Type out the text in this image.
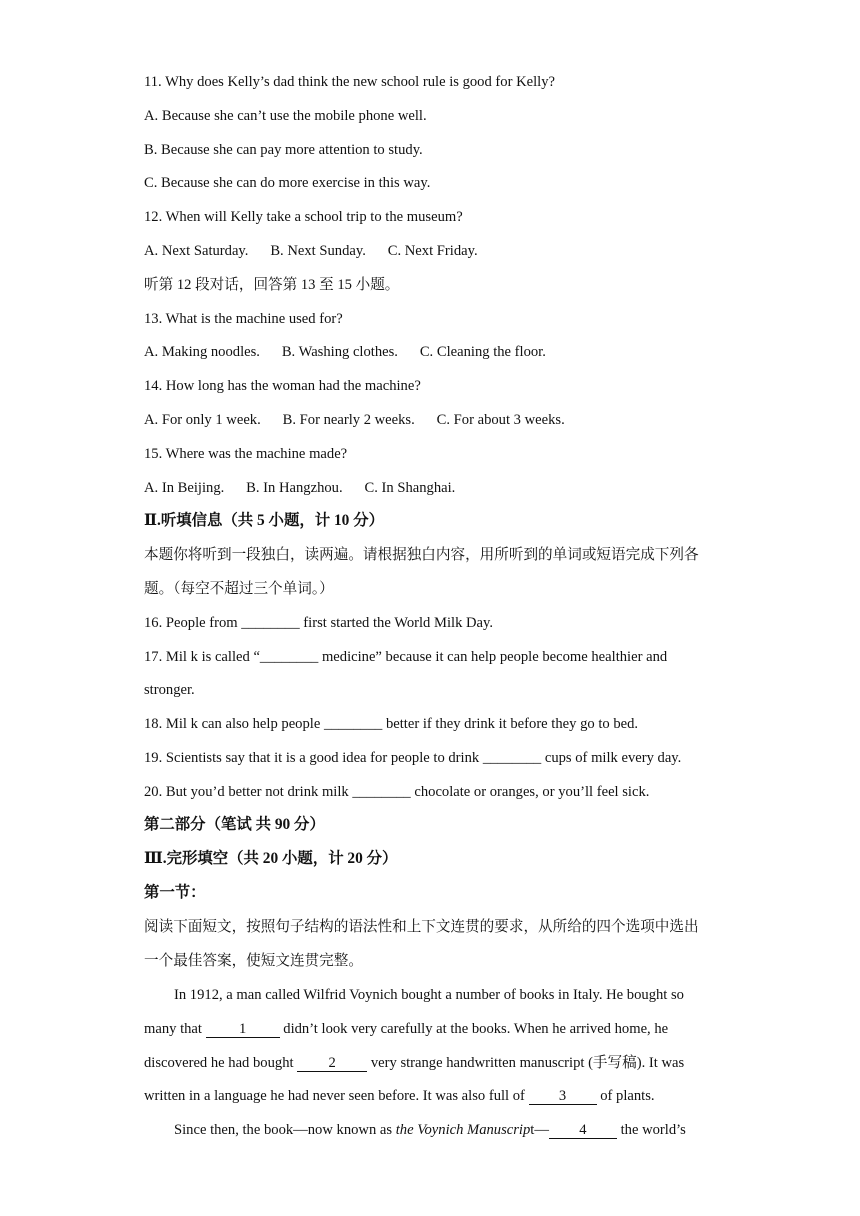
11. Why does Kelly’s dad think the new school rule is good for Kelly?
A. Because she can’t use the mobile phone well.
B. Because she can pay more attention to study.
C. Because she can do more exercise in this way.
12. When will Kelly take a school trip to the museum?
A. Next Saturday.      B. Next Sunday.      C. Next Friday.
听第 12 段对话，回答第 13 至 15 小题。
13. What is the machine used for?
A. Making noodles.      B. Washing clothes.      C. Cleaning the floor.
14. How long has the woman had the machine?
A. For only 1 week.      B. For nearly 2 weeks.      C. For about 3 weeks.
15. Where was the machine made?
A. In Beijing.      B. In Hangzhou.      C. In Shanghai.
Ⅱ.听填信息（共 5 小题，计 10 分）
本题你将听到一段独白，读两遍。请根据独白内容，用所听到的单词或短语完成下列各
题。（每空不超过三个单词。）
16. People from ________ first started the World Milk Day.
17. Mil k is called “________ medicine” because it can help people become healthier and
stronger.
18. Mil k can also help people ________ better if they drink it before they go to bed.
19. Scientists say that it is a good idea for people to drink ________ cups of milk every day.
20. But you’d better not drink milk ________ chocolate or oranges, or you’ll feel sick.
第二部分（笔试 共 90 分）
Ⅲ.完形填空（共 20 小题，计 20 分）
第一节：
阅读下面短文，按照句子结构的语法性和上下文连贯的要求，从所给的四个选项中选出
一个最佳答案，使短文连贯完整。
In 1912, a man called Wilfrid Voynich bought a number of books in Italy. He bought so
many that 1	didn’t look very carefully at the books. When he arrived home, he
discovered he had bought 2 very strange handwritten manuscript (手写稿). It was
written in a language he had never seen before. It was also full of 3 of plants.
Since then, the book—now known as the Voynich Manuscript— 4 the world’s
